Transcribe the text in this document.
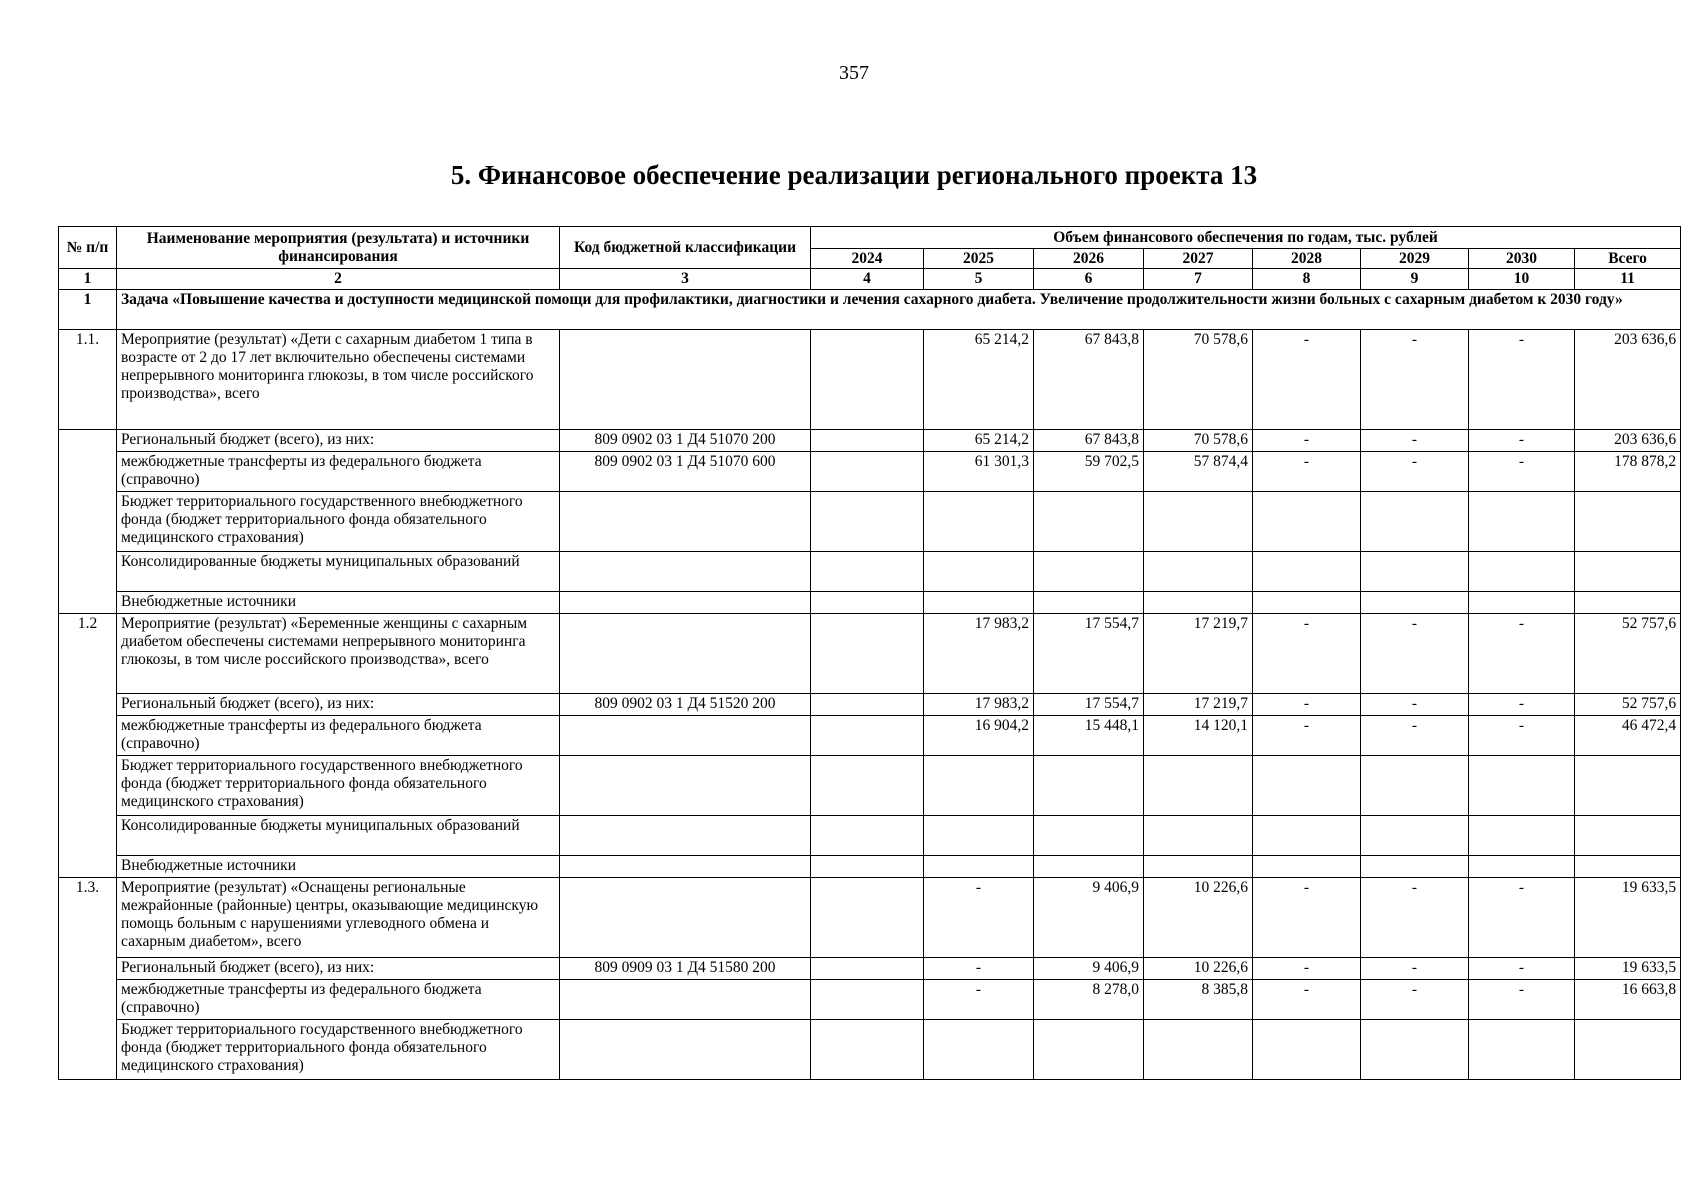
357
5. Финансовое обеспечение реализации регионального проекта 13
№ п/п	Наименование мероприятия (результата) и источники финансирования	Код бюджетной классификации	Объем финансового обеспечения по годам, тыс. рублей							
			2024	2025	2026	2027	2028	2029	2030	Всего
1	2	3	4	5	6	7	8	9	10	11
1	Задача «Повышение качества и доступности медицинской помощи для профилактики, диагностики и лечения сахарного диабета. Увеличение продолжительности жизни больных с сахарным диабетом к 2030 году»									
1.1.	Мероприятие (результат) «Дети с сахарным диабетом 1 типа в возрасте от 2 до 17 лет включительно обеспечены системами непрерывного мониторинга глюкозы, в том числе российского производства», всего			65 214,2	67 843,8	70 578,6	-	-	-	203 636,6
	Региональный бюджет (всего), из них:	809 0902 03 1 Д4 51070 200		65 214,2	67 843,8	70 578,6	-	-	-	203 636,6
	межбюджетные трансферты из федерального бюджета (справочно)	809 0902 03 1 Д4 51070 600		61 301,3	59 702,5	57 874,4	-	-	-	178 878,2
	Бюджет территориального государственного внебюджетного фонда (бюджет территориального фонда обязательного медицинского страхования)									
	Консолидированные бюджеты муниципальных образований									
	Внебюджетные источники									
1.2	Мероприятие (результат) «Беременные женщины с сахарным диабетом обеспечены системами непрерывного мониторинга глюкозы, в том числе российского производства», всего			17 983,2	17 554,7	17 219,7	-	-	-	52 757,6
	Региональный бюджет (всего), из них:	809 0902 03 1 Д4 51520 200		17 983,2	17 554,7	17 219,7	-	-	-	52 757,6
	межбюджетные трансферты из федерального бюджета (справочно)			16 904,2	15 448,1	14 120,1	-	-	-	46 472,4
	Бюджет территориального государственного внебюджетного фонда (бюджет территориального фонда обязательного медицинского страхования)									
	Консолидированные бюджеты муниципальных образований									
	Внебюджетные источники									
1.3.	Мероприятие (результат) «Оснащены региональные межрайонные (районные) центры, оказывающие медицинскую помощь больным с нарушениями углеводного обмена и сахарным диабетом», всего			-	9 406,9	10 226,6	-	-	-	19 633,5
	Региональный бюджет (всего), из них:	809 0909 03 1 Д4 51580 200		-	9 406,9	10 226,6	-	-	-	19 633,5
	межбюджетные трансферты из федерального бюджета (справочно)			-	8 278,0	8 385,8	-	-	-	16 663,8
	Бюджет территориального государственного внебюджетного фонда (бюджет территориального фонда обязательного медицинского страхования)									
